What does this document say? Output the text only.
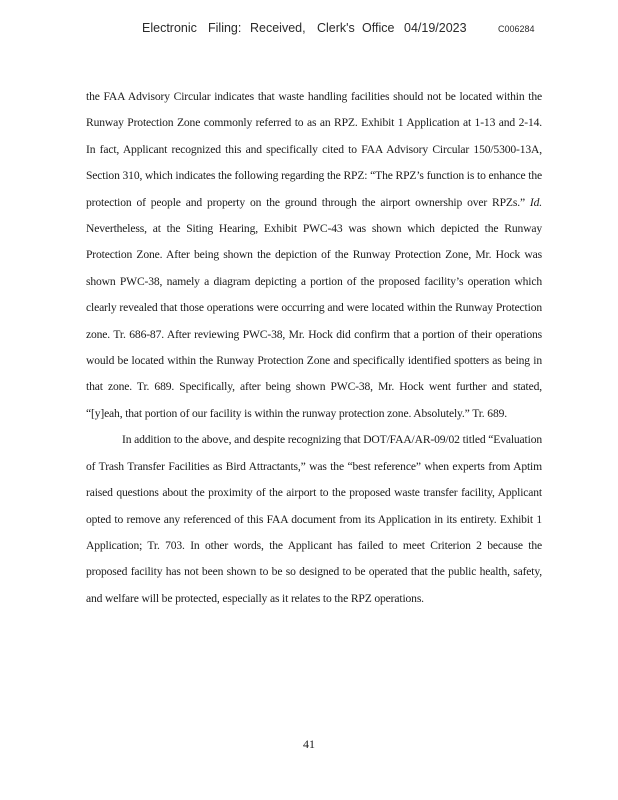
Electronic Filing: Received, Clerk's Office 04/19/2023	C006284

the FAA Advisory Circular indicates that waste handling facilities should not be located within the Runway Protection Zone commonly referred to as an RPZ. Exhibit 1 Application at 1-13 and 2-14. In fact, Applicant recognized this and specifically cited to FAA Advisory Circular 150/5300-13A, Section 310, which indicates the following regarding the RPZ: “The RPZ’s function is to enhance the protection of people and property on the ground through the airport ownership over RPZs.” Id. Nevertheless, at the Siting Hearing, Exhibit PWC-43 was shown which depicted the Runway Protection Zone. After being shown the depiction of the Runway Protection Zone, Mr. Hock was shown PWC-38, namely a diagram depicting a portion of the proposed facility’s operation which clearly revealed that those operations were occurring and were located within the Runway Protection zone. Tr. 686-87. After reviewing PWC-38, Mr. Hock did confirm that a portion of their operations would be located within the Runway Protection Zone and specifically identified spotters as being in that zone. Tr. 689. Specifically, after being shown PWC-38, Mr. Hock went further and stated, “[y]eah, that portion of our facility is within the runway protection zone. Absolutely.” Tr. 689.

In addition to the above, and despite recognizing that DOT/FAA/AR-09/02 titled “Evaluation of Trash Transfer Facilities as Bird Attractants,” was the “best reference” when experts from Aptim raised questions about the proximity of the airport to the proposed waste transfer facility, Applicant opted to remove any referenced of this FAA document from its Application in its entirety. Exhibit 1 Application; Tr. 703. In other words, the Applicant has failed to meet Criterion 2 because the proposed facility has not been shown to be so designed to be operated that the public health, safety, and welfare will be protected, especially as it relates to the RPZ operations.

41
